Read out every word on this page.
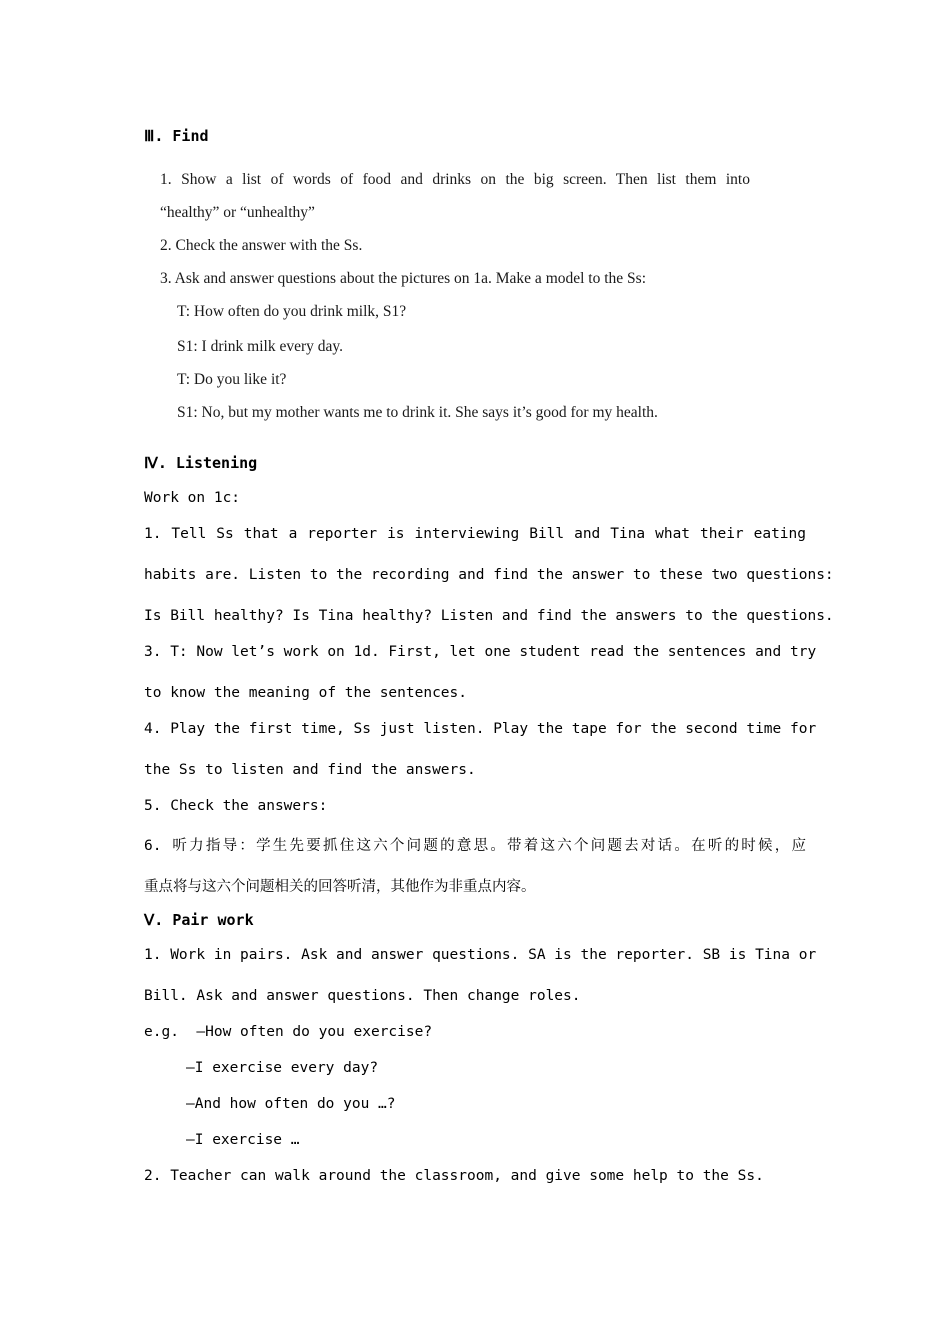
Ⅲ. Find
1. Show a list of words of food and drinks on the big screen. Then list them into
“healthy” or “unhealthy”
2. Check the answer with the Ss.
3. Ask and answer questions about the pictures on 1a. Make a model to the Ss:
T: How often do you drink milk, S1?
S1: I drink milk every day.
T: Do you like it?
S1: No, but my mother wants me to drink it. She says it’s good for my health.
Ⅳ. Listening
Work on 1c:
1. Tell Ss that a reporter is interviewing Bill and Tina what their eating
habits are. Listen to the recording and find the answer to these two questions:
Is Bill healthy? Is Tina healthy? Listen and find the answers to the questions.
3. T: Now let’s work on 1d. First, let one student read the sentences and try
to know the meaning of the sentences.
4. Play the first time, Ss just listen. Play the tape for the second time for
the Ss to listen and find the answers.
5. Check the answers:
6. 听力指导：学生先要抓住这六个问题的意思。带着这六个问题去对话。在听的时候，应
重点将与这六个问题相关的回答听清，其他作为非重点内容。
Ⅴ. Pair work
1. Work in pairs. Ask and answer questions. SA is the reporter. SB is Tina or
Bill. Ask and answer questions. Then change roles.
e.g.  —How often do you exercise?
—I exercise every day?
—And how often do you …?
—I exercise …
2. Teacher can walk around the classroom, and give some help to the Ss.
